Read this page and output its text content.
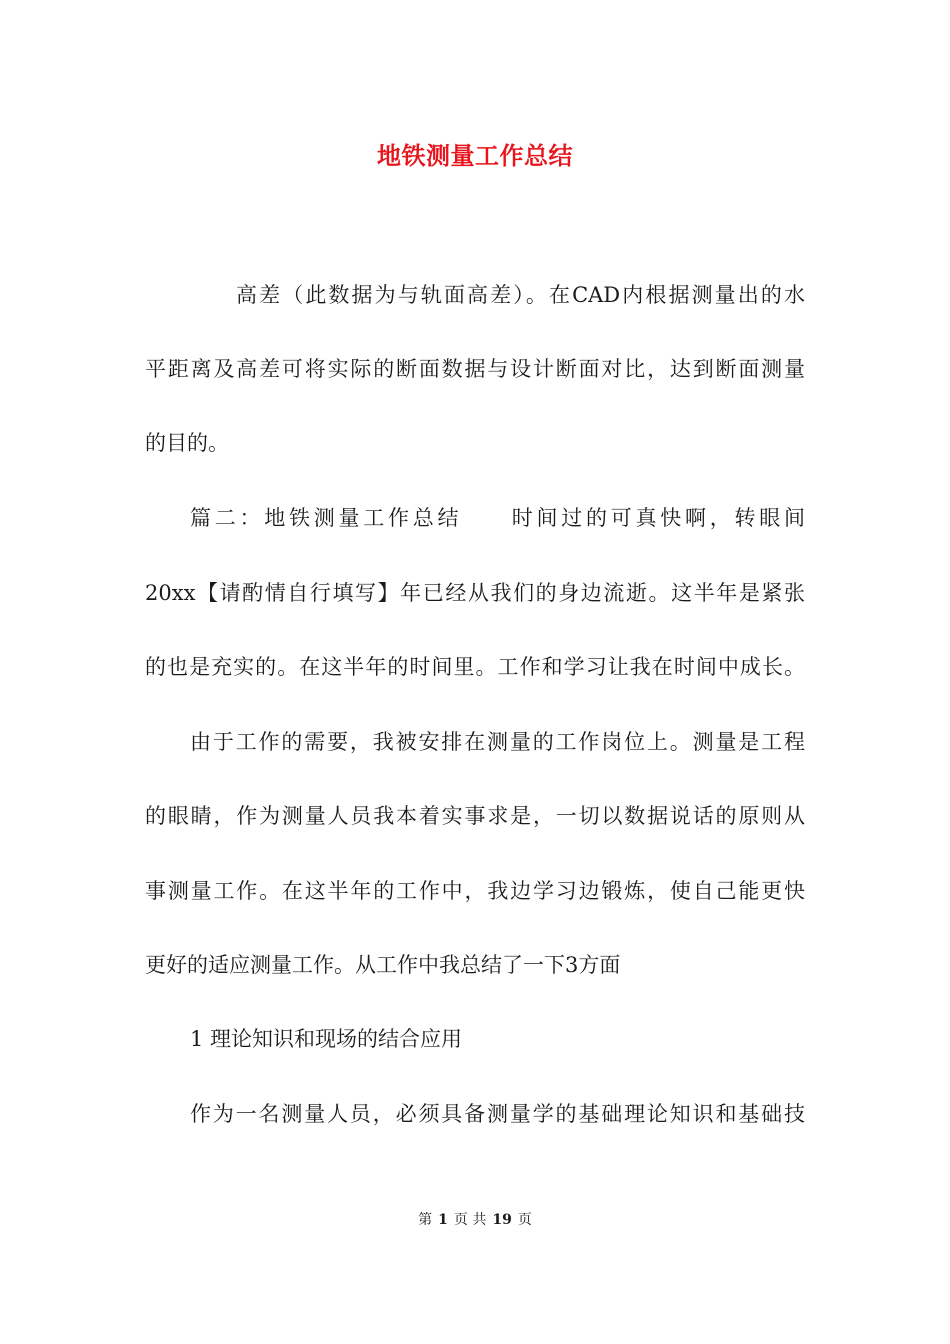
地铁测量工作总结
高差（此数据为与轨面高差）。在CAD内根据测量出的水
平距离及高差可将实际的断面数据与设计断面对比，达到断面测量
的目的。
篇二：地铁测量工作总结　　时间过的可真快啊，转眼间
20xx【请酌情自行填写】年已经从我们的身边流逝。这半年是紧张
的也是充实的。在这半年的时间里。工作和学习让我在时间中成长。
由于工作的需要，我被安排在测量的工作岗位上。测量是工程
的眼睛，作为测量人员我本着实事求是，一切以数据说话的原则从
事测量工作。在这半年的工作中，我边学习边锻炼，使自己能更快
更好的适应测量工作。从工作中我总结了一下3方面
1 理论知识和现场的结合应用
作为一名测量人员，必须具备测量学的基础理论知识和基础技
第 1 页 共 19 页
